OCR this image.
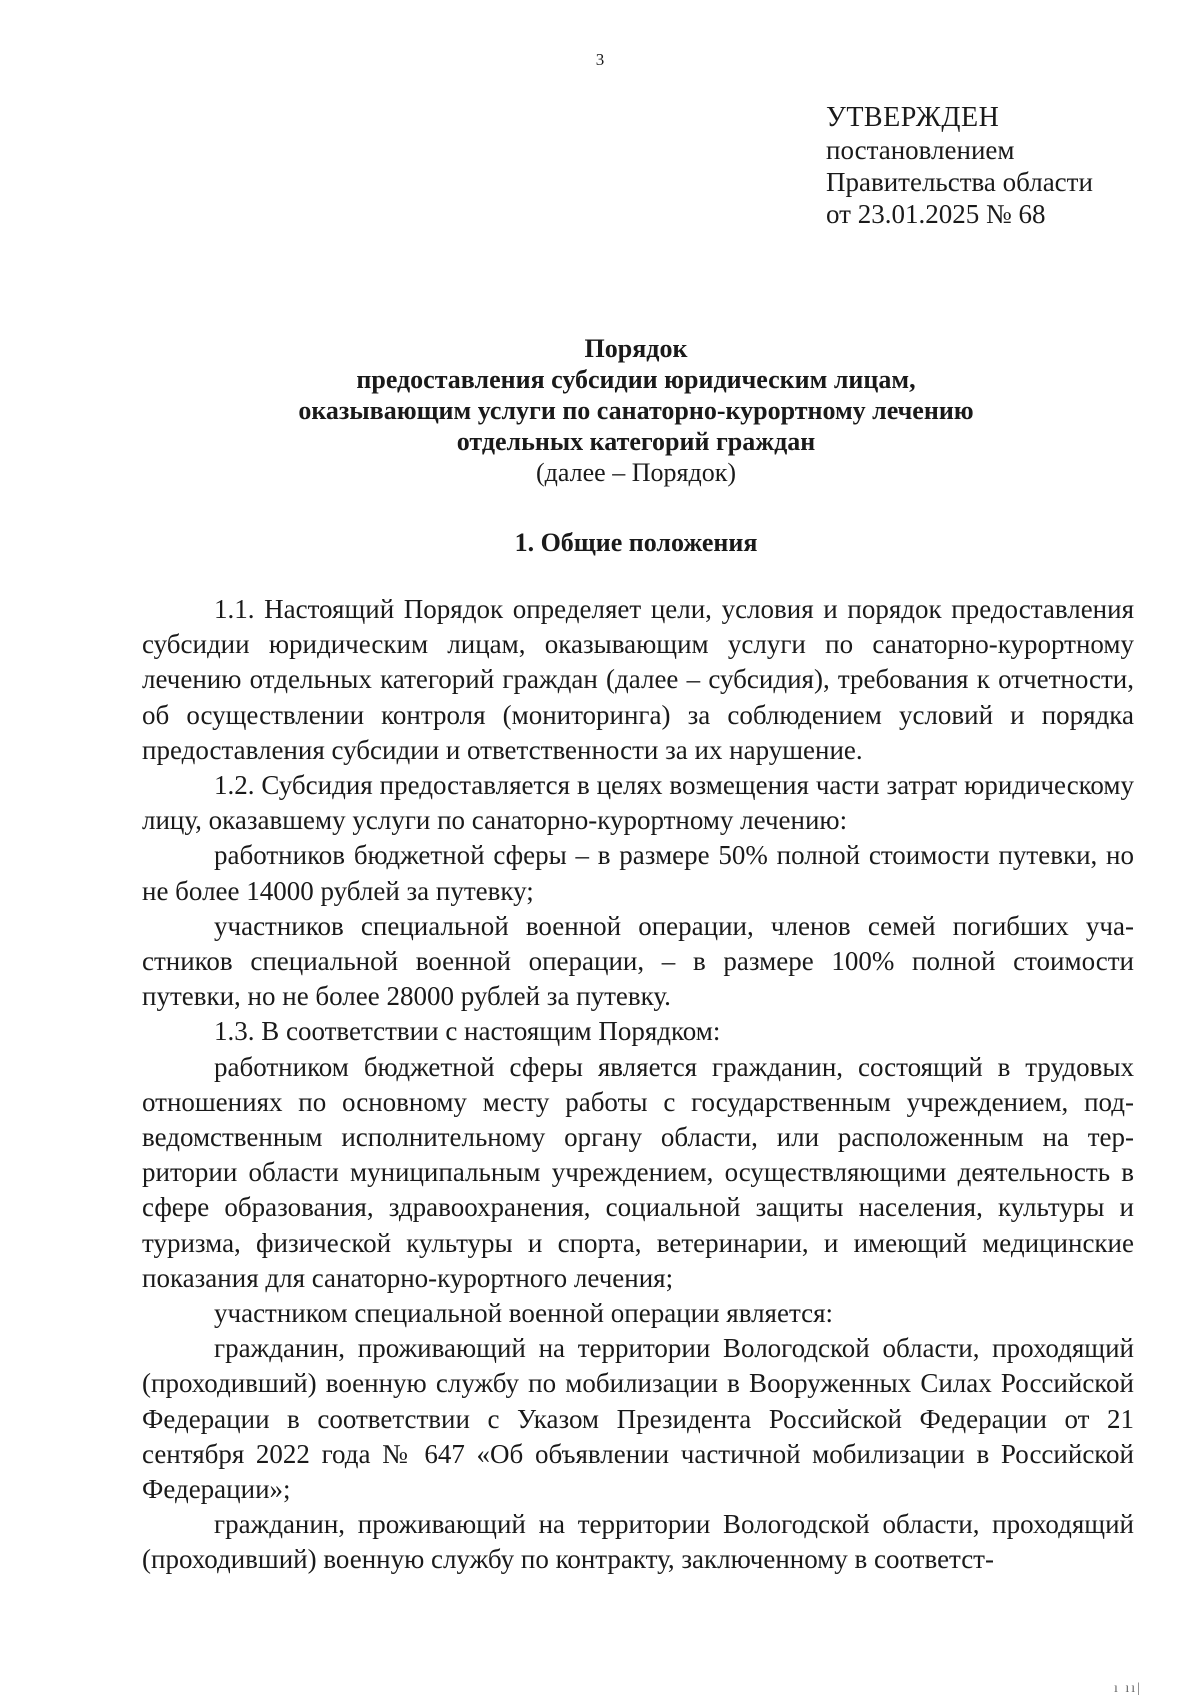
3
УТВЕРЖДЕН
постановлением
Правительства области
от 23.01.2025 № 68
Порядок
предоставления субсидии юридическим лицам,
оказывающим услуги по санаторно-курортному лечению
отдельных категорий граждан
(далее – Порядок)
1. Общие положения

1.1. Настоящий Порядок определяет цели, условия и порядок предоставления субсидии юридическим лицам, оказывающим услуги по санаторно-курортному лечению отдельных категорий граждан (далее – субсидия), требования к отчетности, об осуществлении контроля (мониторинга) за соблюдением условий и порядка предоставления субсидии и ответственности за их нарушение.

1.2. Субсидия предоставляется в целях возмещения части затрат юридическому лицу, оказавшему услуги по санаторно-курортному лечению:

работников бюджетной сферы – в размере 50% полной стоимости путевки, но не более 14000 рублей за путевку;

участников специальной военной операции, членов семей погибших участников специальной военной операции, – в размере 100% полной стоимости путевки, но не более 28000 рублей за путевку.

1.3. В соответствии с настоящим Порядком:

работником бюджетной сферы является гражданин, состоящий в трудовых отношениях по основному месту работы с государственным учреждением, подведомственным исполнительному органу области, или расположенным на территории области муниципальным учреждением, осуществляющими деятельность в сфере образования, здравоохранения, социальной защиты населения, культуры и туризма, физической культуры и спорта, ветеринарии, и имеющий медицинские показания для санаторно-курортного лечения;

участником специальной военной операции является:

гражданин, проживающий на территории Вологодской области, проходящий (проходивший) военную службу по мобилизации в Вооруженных Силах Российской Федерации в соответствии с Указом Президента Российской Федерации от 21 сентября 2022 года № 647 «Об объявлении частичной мобилизации в Российской Федерации»;

гражданин, проживающий на территории Вологодской области, проходящий (проходивший) военную службу по контракту, заключенному в соответст-

ı ıı|
